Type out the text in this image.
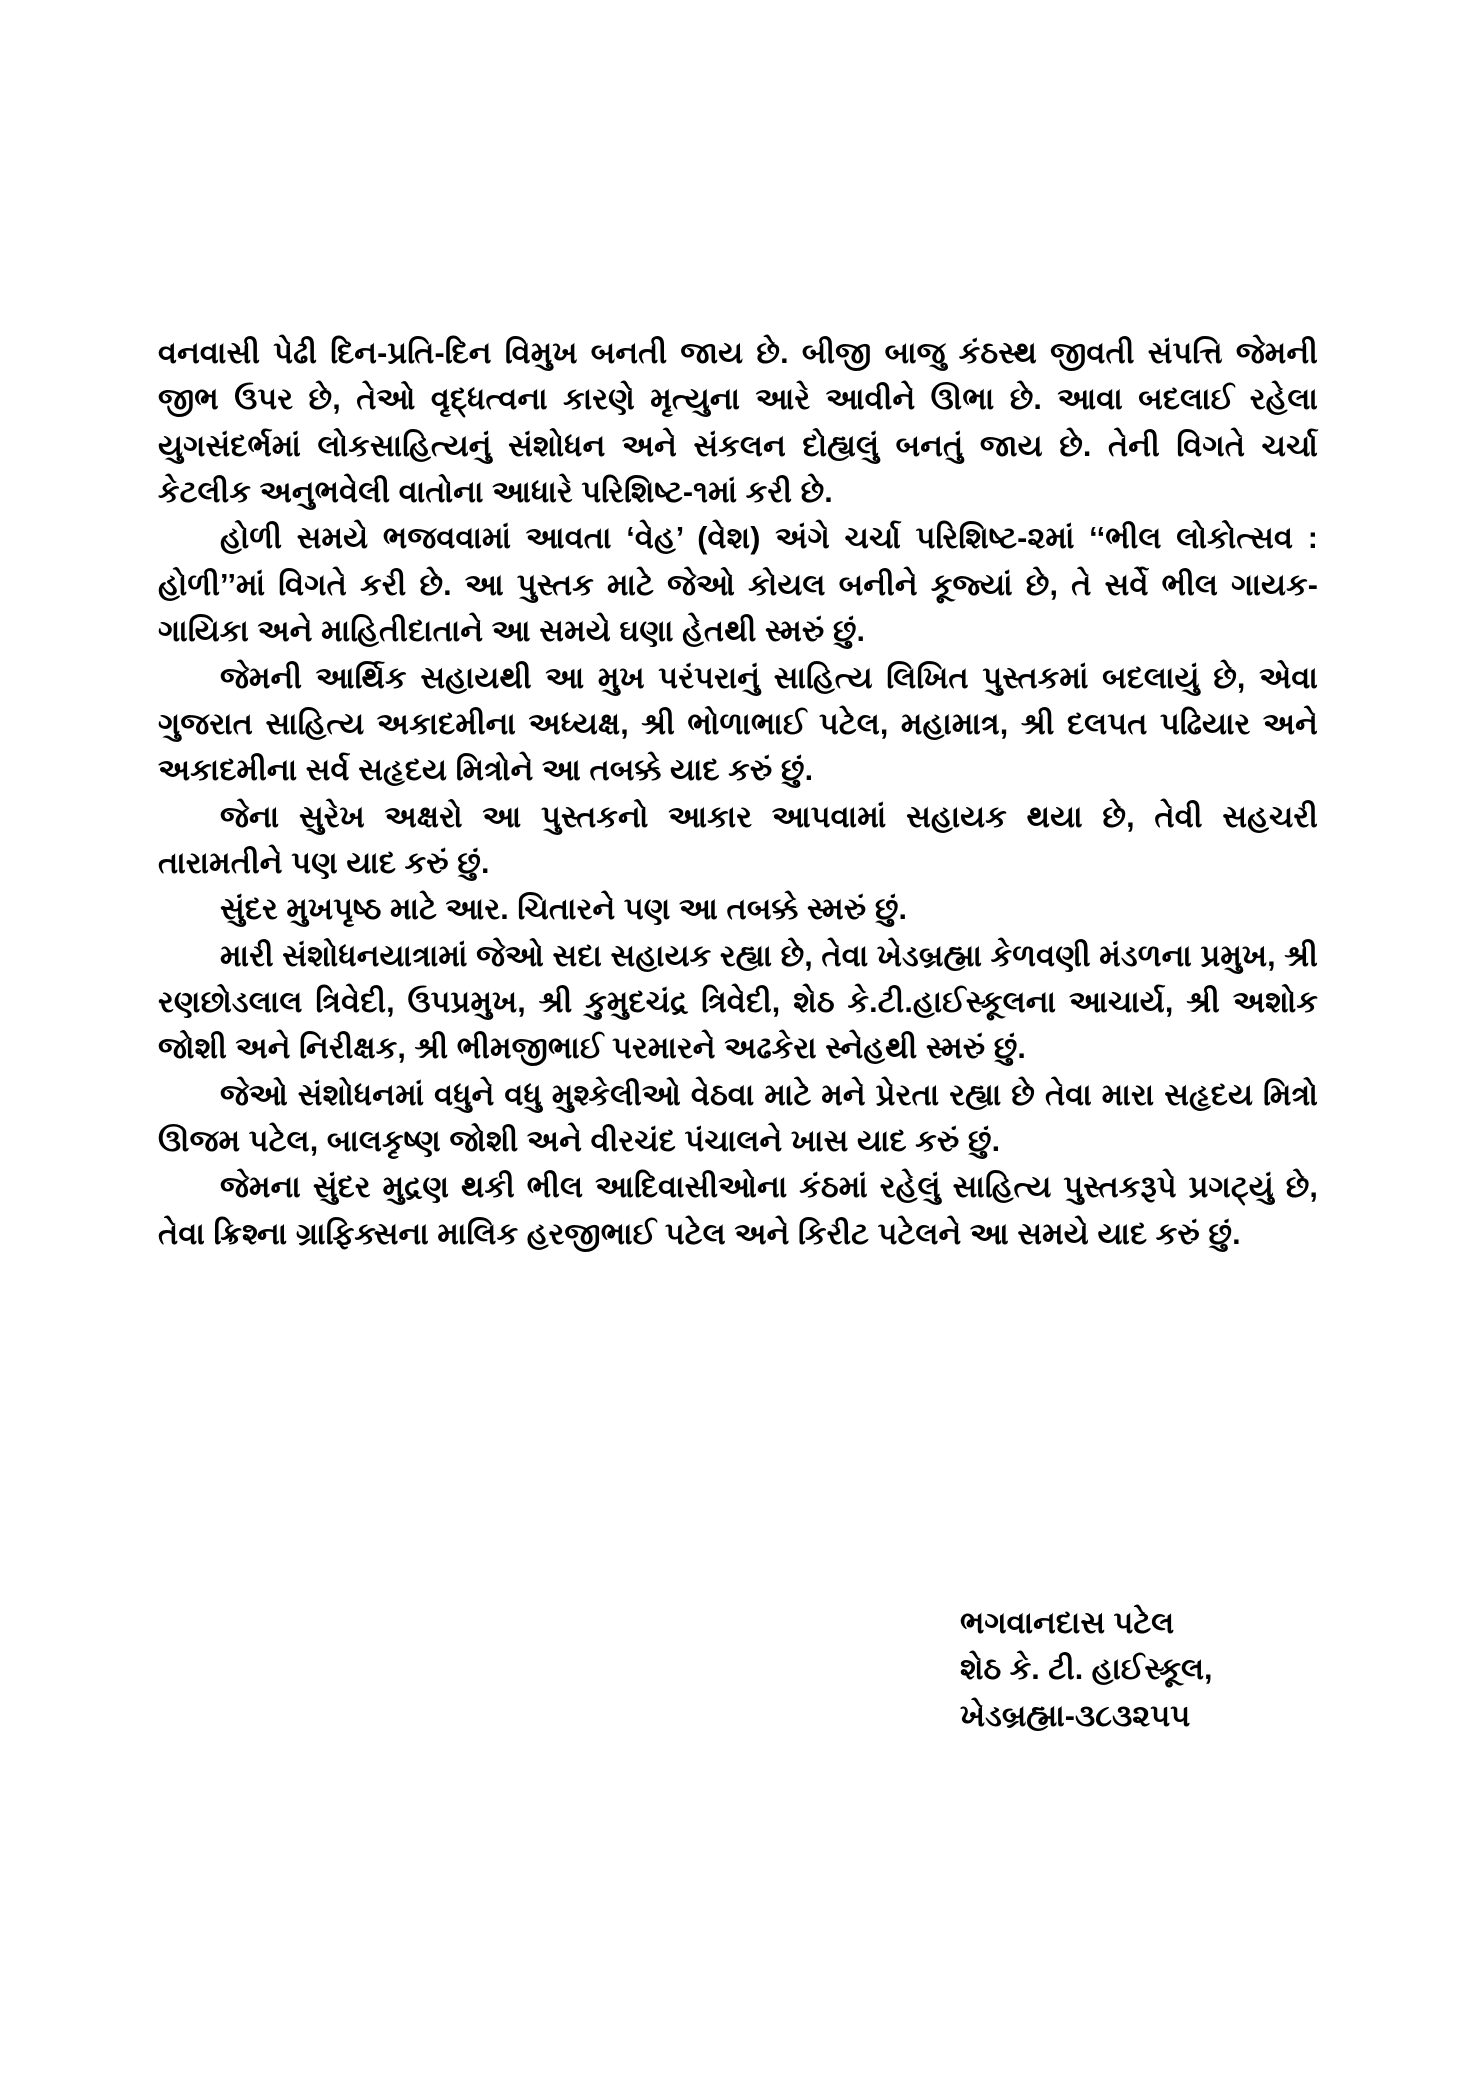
વનવાસી પેઢી દિન-પ્રતિ-દિન વિમુખ બનતી જાય છે. બીજી બાજુ કંઠસ્થ જીવતી સંપત્તિ જેમની જીભ ઉપર છે, તેઓ વૃદ્ધત્વના કારણે મૃત્યુના આરે આવીને ઊભા છે. આવા બદલાઈ રહેલા યુગસંદર્ભમાં લોકસાહિત્યનું સંશોધન અને સંકલન દોહ્યલું બનતું જાય છે. તેની વિગતે ચર્ચા કેટલીક અનુભવેલી વાતોના આધારે પરિશિષ્ટ-૧માં કરી છે.

હોળી સમયે ભજવવામાં આવતા ‘વેહ’ (વેશ) અંગે ચર્ચા પરિશિષ્ટ-૨માં ‘‘ભીલ લોકોત્સવ : હોળી’’માં વિગતે કરી છે. આ પુસ્તક માટે જેઓ કોયલ બનીને કૂજ્યાં છે, તે સર્વે ભીલ ગાયક-ગાયિકા અને માહિતીદાતાને આ સમયે ઘણા હેતથી સ્મરું છું.

જેમની આર્થિક સહાયથી આ મુખ પરંપરાનું સાહિત્ય લિખિત પુસ્તકમાં બદલાયું છે, એવા ગુજરાત સાહિત્ય અકાદમીના અધ્યક્ષ, શ્રી ભોળાભાઈ પટેલ, મહામાત્ર, શ્રી દલપત પઢિયાર અને અકાદમીના સર્વ સહૃદય મિત્રોને આ તબક્કે યાદ કરું છું.

જેના સુરેખ અક્ષરો આ પુસ્તકનો આકાર આપવામાં સહાયક થયા છે, તેવી સહચરી તારામતીને પણ યાદ કરું છું.

સુંદર મુખપૃષ્ઠ માટે આર. ચિતારને પણ આ તબક્કે સ્મરું છું.

મારી સંશોધનયાત્રામાં જેઓ સદા સહાયક રહ્યા છે, તેવા ખેડબ્રહ્મા કેળવણી મંડળના પ્રમુખ, શ્રી રણછોડલાલ ત્રિવેદી, ઉપપ્રમુખ, શ્રી કુમુદચંદ્ર ત્રિવેદી, શેઠ કે.ટી.હાઈસ્કૂલના આચાર્ય, શ્રી અશોક જોશી અને નિરીક્ષક, શ્રી ભીમજીભાઈ પરમારને અઢકેરા સ્નેહથી સ્મરું છું.

જેઓ સંશોધનમાં વધુને વધુ મુશ્કેલીઓ વેઠવા માટે મને પ્રેરતા રહ્યા છે તેવા મારા સહૃદય મિત્રો ઊજમ પટેલ, બાલકૃષ્ણ જોશી અને વીરચંદ પંચાલને ખાસ યાદ કરું છું.

જેમના સુંદર મુદ્રણ થકી ભીલ આદિવાસીઓના કંઠમાં રહેલું સાહિત્ય પુસ્તકરૂપે પ્રગટ્યું છે, તેવા ક્રિશ્ના ગ્રાફિક્સના માલિક હરજીભાઈ પટેલ અને કિરીટ પટેલને આ સમયે યાદ કરું છું.

ભગવાનદાસ પટેલ
શેઠ કે. ટી. હાઈસ્કૂલ,
ખેડબ્રહ્મા-૩૮૩૨૫૫
